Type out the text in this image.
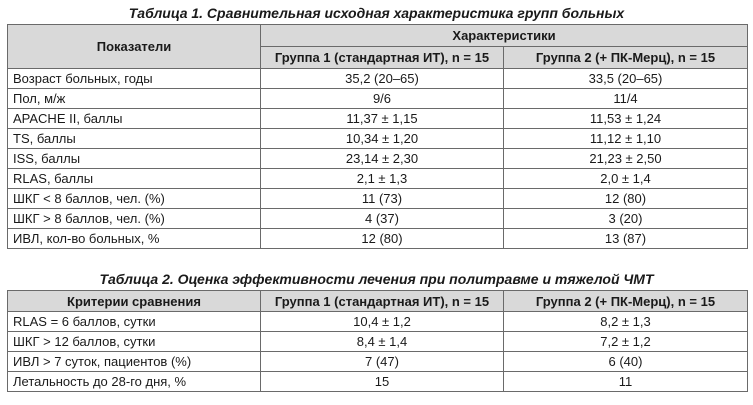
Таблица 1. Сравнительная исходная характеристика групп больных
Показатели	Характеристики	
	Группа 1 (стандартная ИТ), n = 15	Группа 2 (+ ПК-Мерц), n = 15
Возраст больных, годы	35,2 (20–65)	33,5 (20–65)
Пол, м/ж	9/6	11/4
APACHE II, баллы	11,37 ± 1,15	11,53 ± 1,24
TS, баллы	10,34 ± 1,20	11,12 ± 1,10
ISS, баллы	23,14 ± 2,30	21,23 ± 2,50
RLAS, баллы	2,1 ± 1,3	2,0 ± 1,4
ШКГ < 8 баллов, чел. (%)	11 (73)	12 (80)
ШКГ > 8 баллов, чел. (%)	4 (37)	3 (20)
ИВЛ, кол-во больных, %	12 (80)	13 (87)
Таблица 2. Оценка эффективности лечения при политравме и тяжелой ЧМТ
Критерии сравнения	Группа 1 (стандартная ИТ), n = 15	Группа 2 (+ ПК-Мерц), n = 15
RLAS = 6 баллов, сутки	10,4 ± 1,2	8,2 ± 1,3
ШКГ > 12 баллов, сутки	8,4 ± 1,4	7,2 ± 1,2
ИВЛ > 7 суток, пациентов (%)	7 (47)	6 (40)
Летальность до 28-го дня, %	15	11
